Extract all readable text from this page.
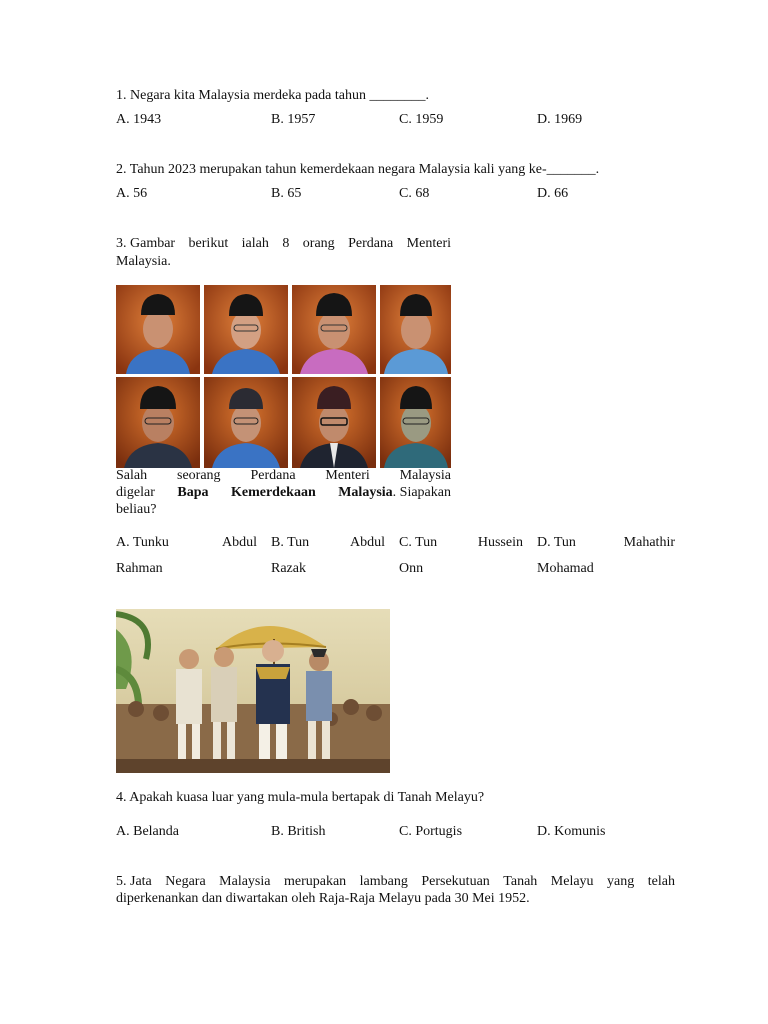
1. Negara kita Malaysia merdeka pada tahun ________.
A. 1943	B. 1957	C. 1959	D. 1969
2. Tahun 2023 merupakan tahun kemerdekaan negara Malaysia kali yang ke-_______.
A. 56	B. 65	C. 68	D. 66
3. Gambar berikut ialah 8 orang Perdana Menteri
Malaysia.
Salah seorang Perdana Menteri Malaysia
digelar Bapa Kemerdekaan Malaysia. Siapakan
beliau?
A. Tunku	Abdul
Rahman
B. Tun	Abdul
Razak
C. Tun	Hussein
Onn
D. Tun	Mahathir
Mohamad
4. Apakah kuasa luar yang mula-mula bertapak di Tanah Melayu?
A. Belanda	B. British	C. Portugis	D. Komunis
5. Jata Negara Malaysia merupakan lambang Persekutuan Tanah Melayu yang telah
diperkenankan dan diwartakan oleh Raja-Raja Melayu pada 30 Mei 1952.
